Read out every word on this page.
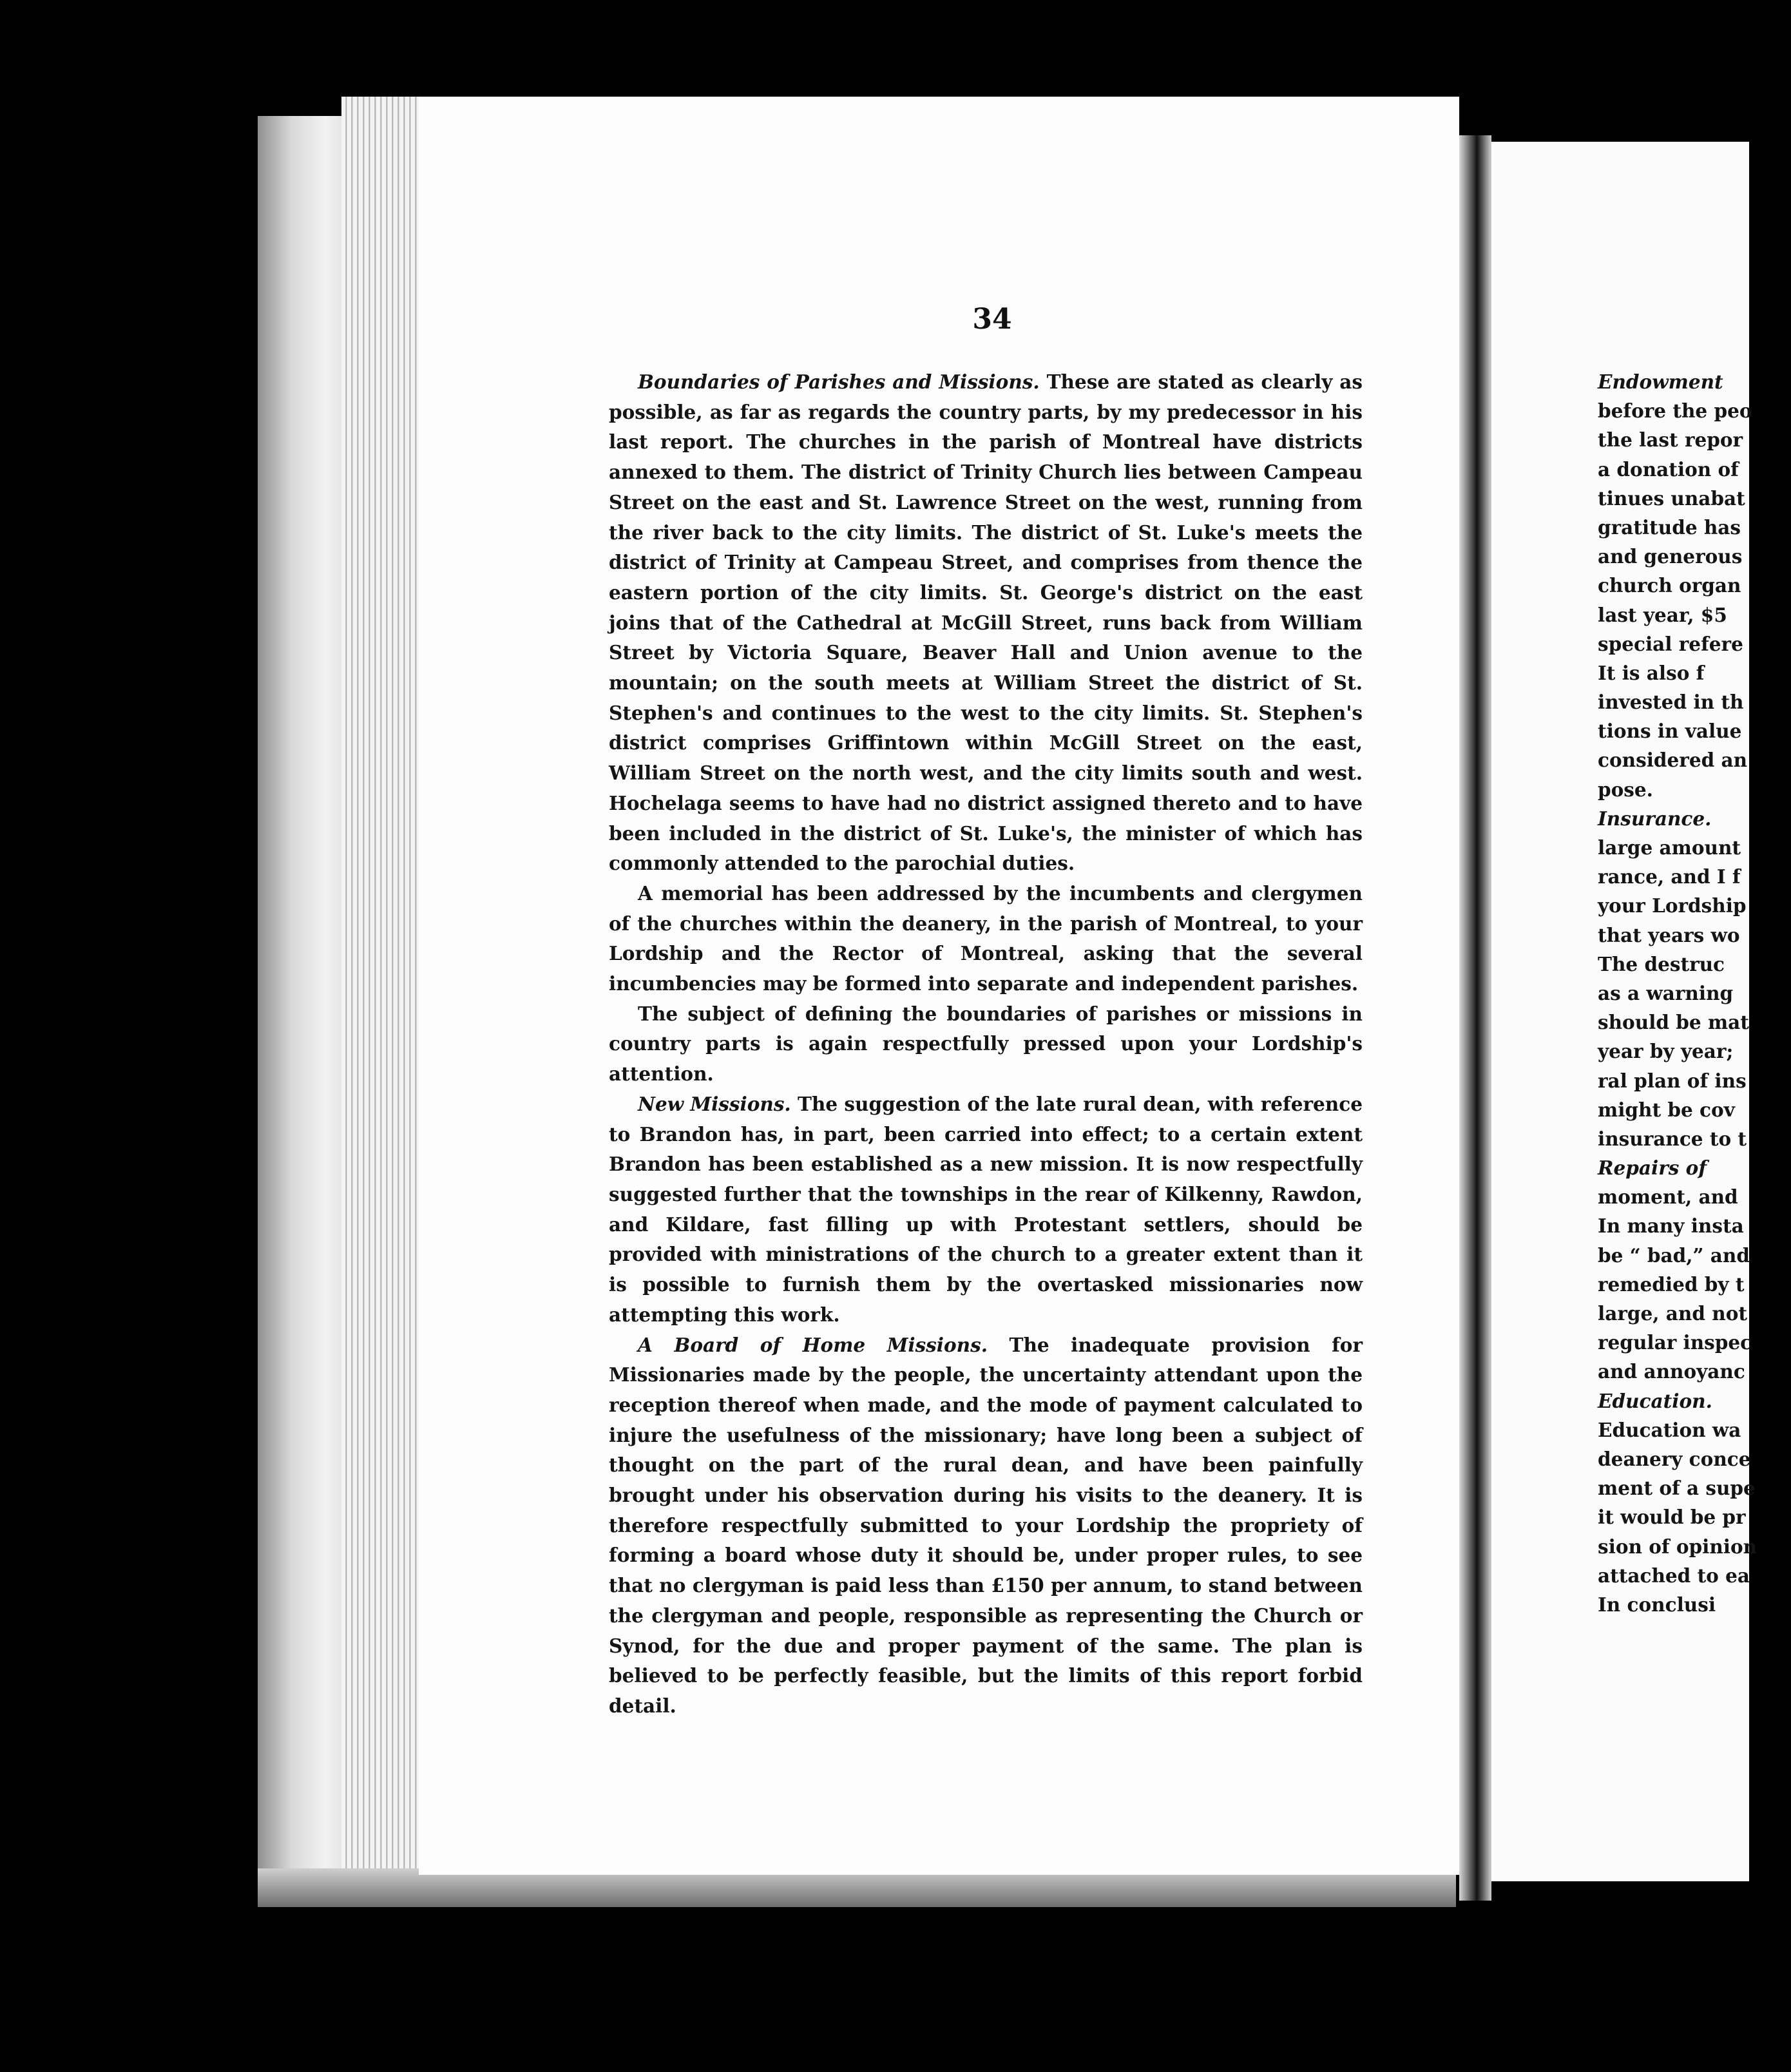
34

Boundaries of Parishes and Missions. These are stated as clearly as possible, as far as regards the country parts, by my predecessor in his last report. The churches in the parish of Montreal have districts annexed to them. The district of Trinity Church lies between Campeau Street on the east and St. Lawrence Street on the west, running from the river back to the city limits. The district of St. Luke's meets the district of Trinity at Campeau Street, and comprises from thence the eastern portion of the city limits. St. George's district on the east joins that of the Cathedral at McGill Street, runs back from William Street by Victoria Square, Beaver Hall and Union avenue to the mountain; on the south meets at William Street the district of St. Stephen's and continues to the west to the city limits. St. Stephen's district comprises Griffintown within McGill Street on the east, William Street on the north west, and the city limits south and west. Hochelaga seems to have had no district assigned thereto and to have been included in the district of St. Luke's, the minister of which has commonly attended to the parochial duties.

A memorial has been addressed by the incumbents and clergymen of the churches within the deanery, in the parish of Montreal, to your Lordship and the Rector of Montreal, asking that the several incumbencies may be formed into separate and independent parishes.

The subject of defining the boundaries of parishes or missions in country parts is again respectfully pressed upon your Lordship's attention.

New Missions. The suggestion of the late rural dean, with reference to Brandon has, in part, been carried into effect; to a certain extent Brandon has been established as a new mission. It is now respectfully suggested further that the townships in the rear of Kilkenny, Rawdon, and Kildare, fast filling up with Protestant settlers, should be provided with ministrations of the church to a greater extent than it is possible to furnish them by the overtasked missionaries now attempting this work.

A Board of Home Missions. The inadequate provision for Missionaries made by the people, the uncertainty attendant upon the reception thereof when made, and the mode of payment calculated to injure the usefulness of the missionary; have long been a subject of thought on the part of the rural dean, and have been painfully brought under his observation during his visits to the deanery. It is therefore respectfully submitted to your Lordship the propriety of forming a board whose duty it should be, under proper rules, to see that no clergyman is paid less than £150 per annum, to stand between the clergyman and people, responsible as representing the Church or Synod, for the due and proper payment of the same. The plan is believed to be perfectly feasible, but the limits of this report forbid detail.

Endowment
before the peo
the last repor
a donation of
tinues unabat
gratitude has
and generous
church organ
last year, $5
special refere
It is also f
invested in th
tions in value
considered an
pose.
Insurance.
large amount
rance, and I f
your Lordship
that years wo
The destruc
as a warning
should be mat
year by year;
ral plan of ins
might be cov
insurance to t
Repairs of
moment, and
In many insta
be “ bad,” and
remedied by t
large, and not
regular inspec
and annoyanc
Education.
Education wa
deanery conce
ment of a supe
it would be pr
sion of opinion
attached to ea
In conclusi
